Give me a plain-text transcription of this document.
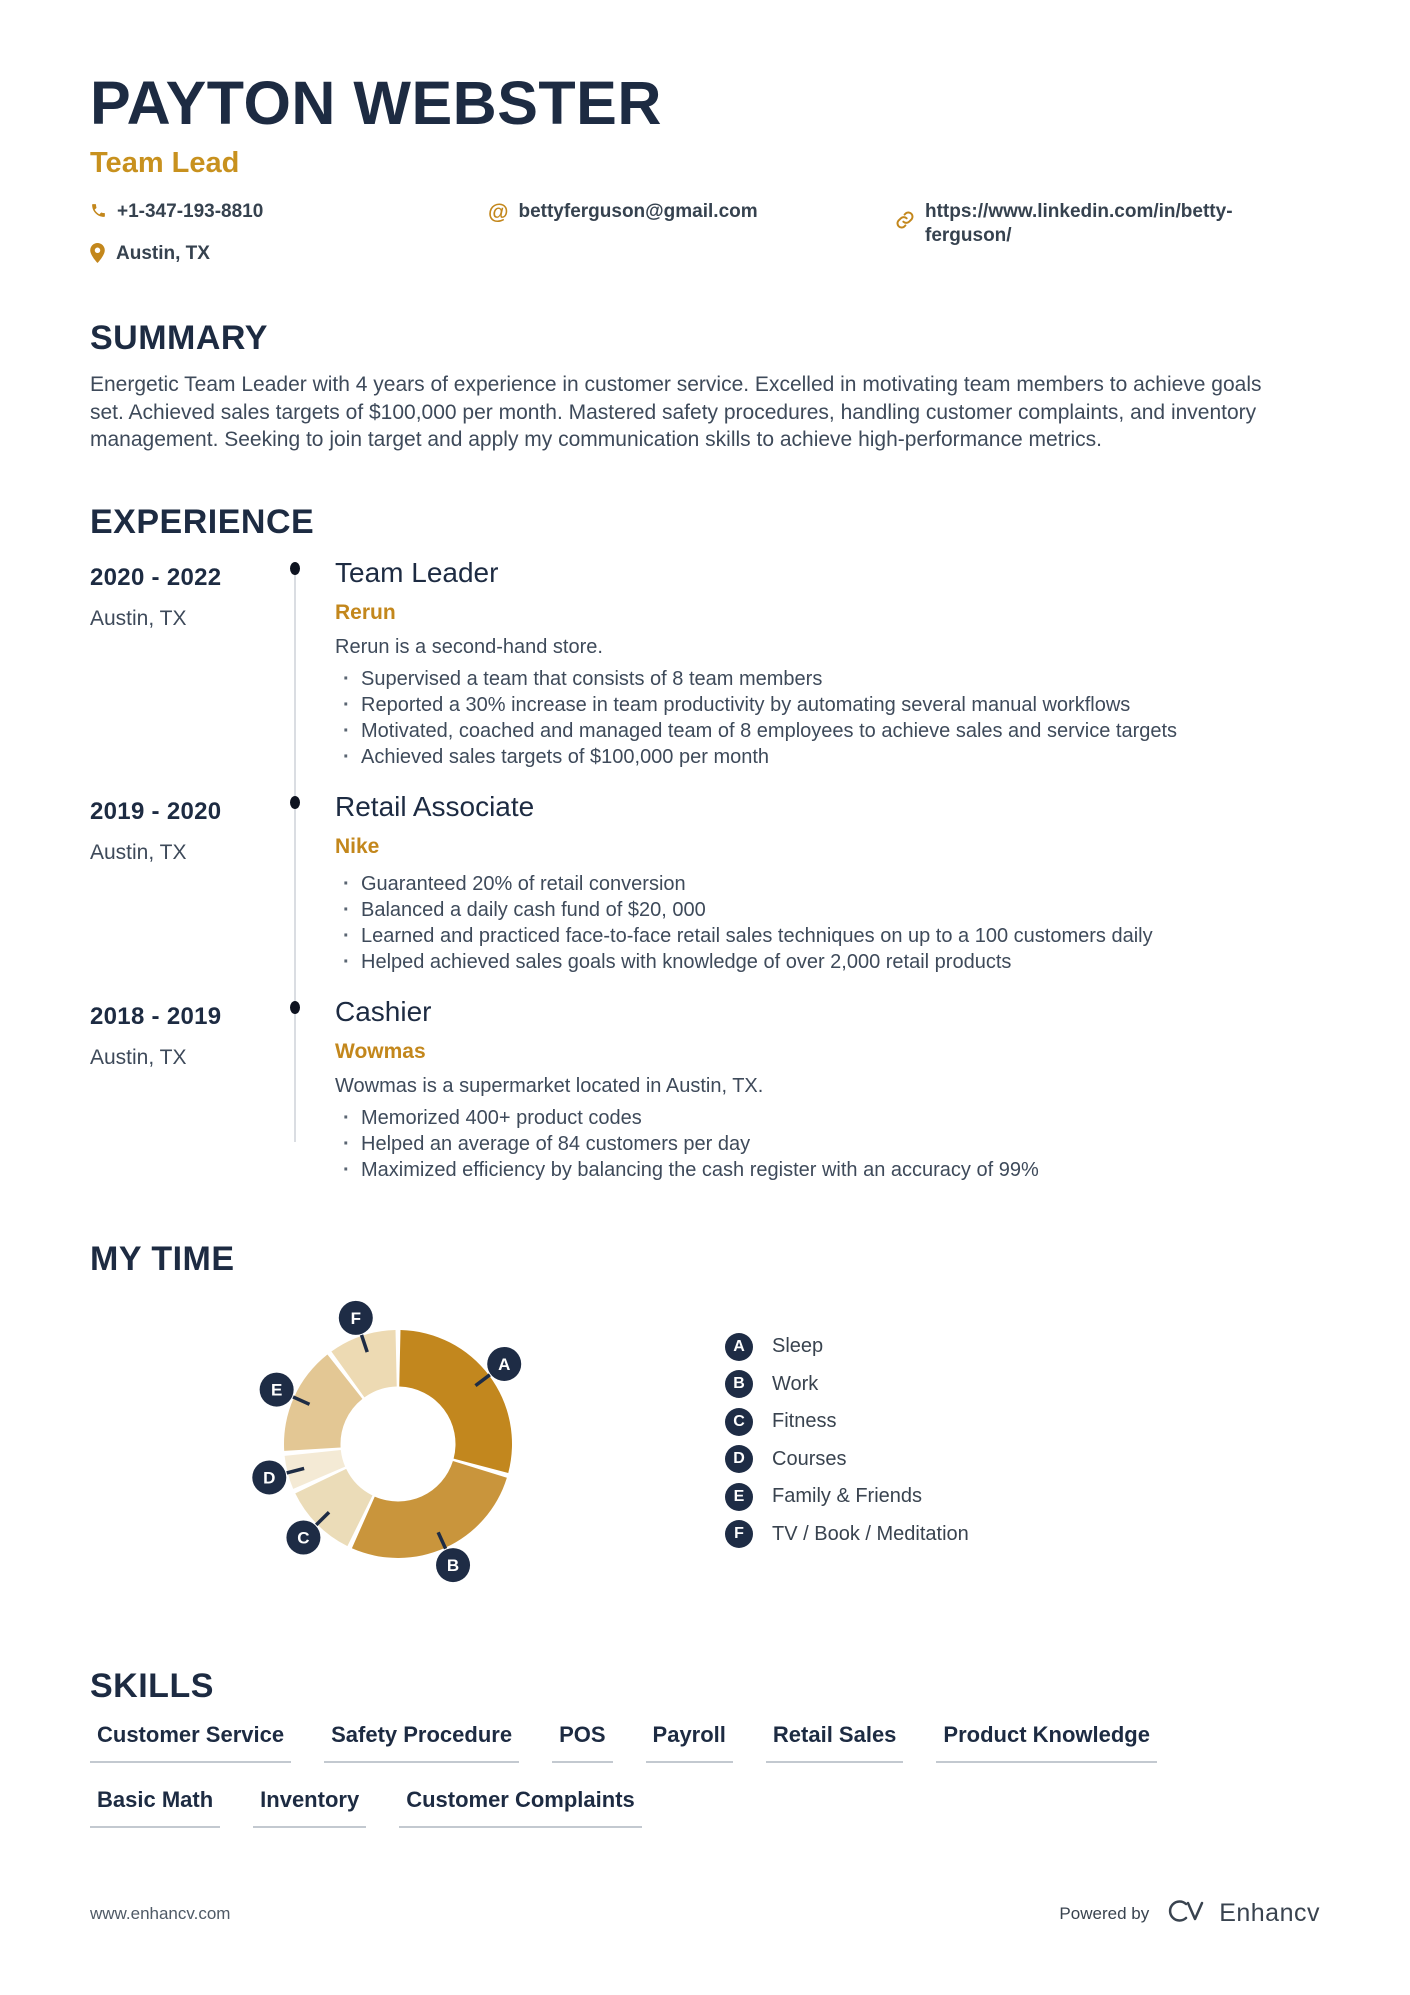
PAYTON WEBSTER
Team Lead
+1-347-193-8810	@ bettyferguson@gmail.com	https://www.linkedin.com/in/betty-ferguson/
Austin, TX
SUMMARY

Energetic Team Leader with 4 years of experience in customer service. Excelled in motivating team members to achieve goals set. Achieved sales targets of $100,000 per month. Mastered safety procedures, handling customer complaints, and inventory management. Seeking to join target and apply my communication skills to achieve high-performance metrics.

EXPERIENCE
2020 - 2022
Austin, TX
Team Leader
Rerun
Rerun is a second-hand store.
· Supervised a team that consists of 8 team members
· Reported a 30% increase in team productivity by automating several manual workflows
· Motivated, coached and managed team of 8 employees to achieve sales and service targets
· Achieved sales targets of $100,000 per month
2019 - 2020
Austin, TX
Retail Associate
Nike
· Guaranteed 20% of retail conversion
· Balanced a daily cash fund of $20, 000
· Learned and practiced face-to-face retail sales techniques on up to a 100 customers daily
· Helped achieved sales goals with knowledge of over 2,000 retail products
2018 - 2019
Austin, TX
Cashier
Wowmas
Wowmas is a supermarket located in Austin, TX.
· Memorized 400+ product codes
· Helped an average of 84 customers per day
· Maximized efficiency by balancing the cash register with an accuracy of 99%
MY TIME
A
B
C
D
E
F
A	Sleep
B	Work
C	Fitness
D	Courses
E	Family & Friends
F	TV / Book / Meditation
SKILLS
Customer Service Safety Procedure POS Payroll Retail Sales Product Knowledge
Basic Math Inventory Customer Complaints
www.enhancv.com	Powered by	Enhancv
